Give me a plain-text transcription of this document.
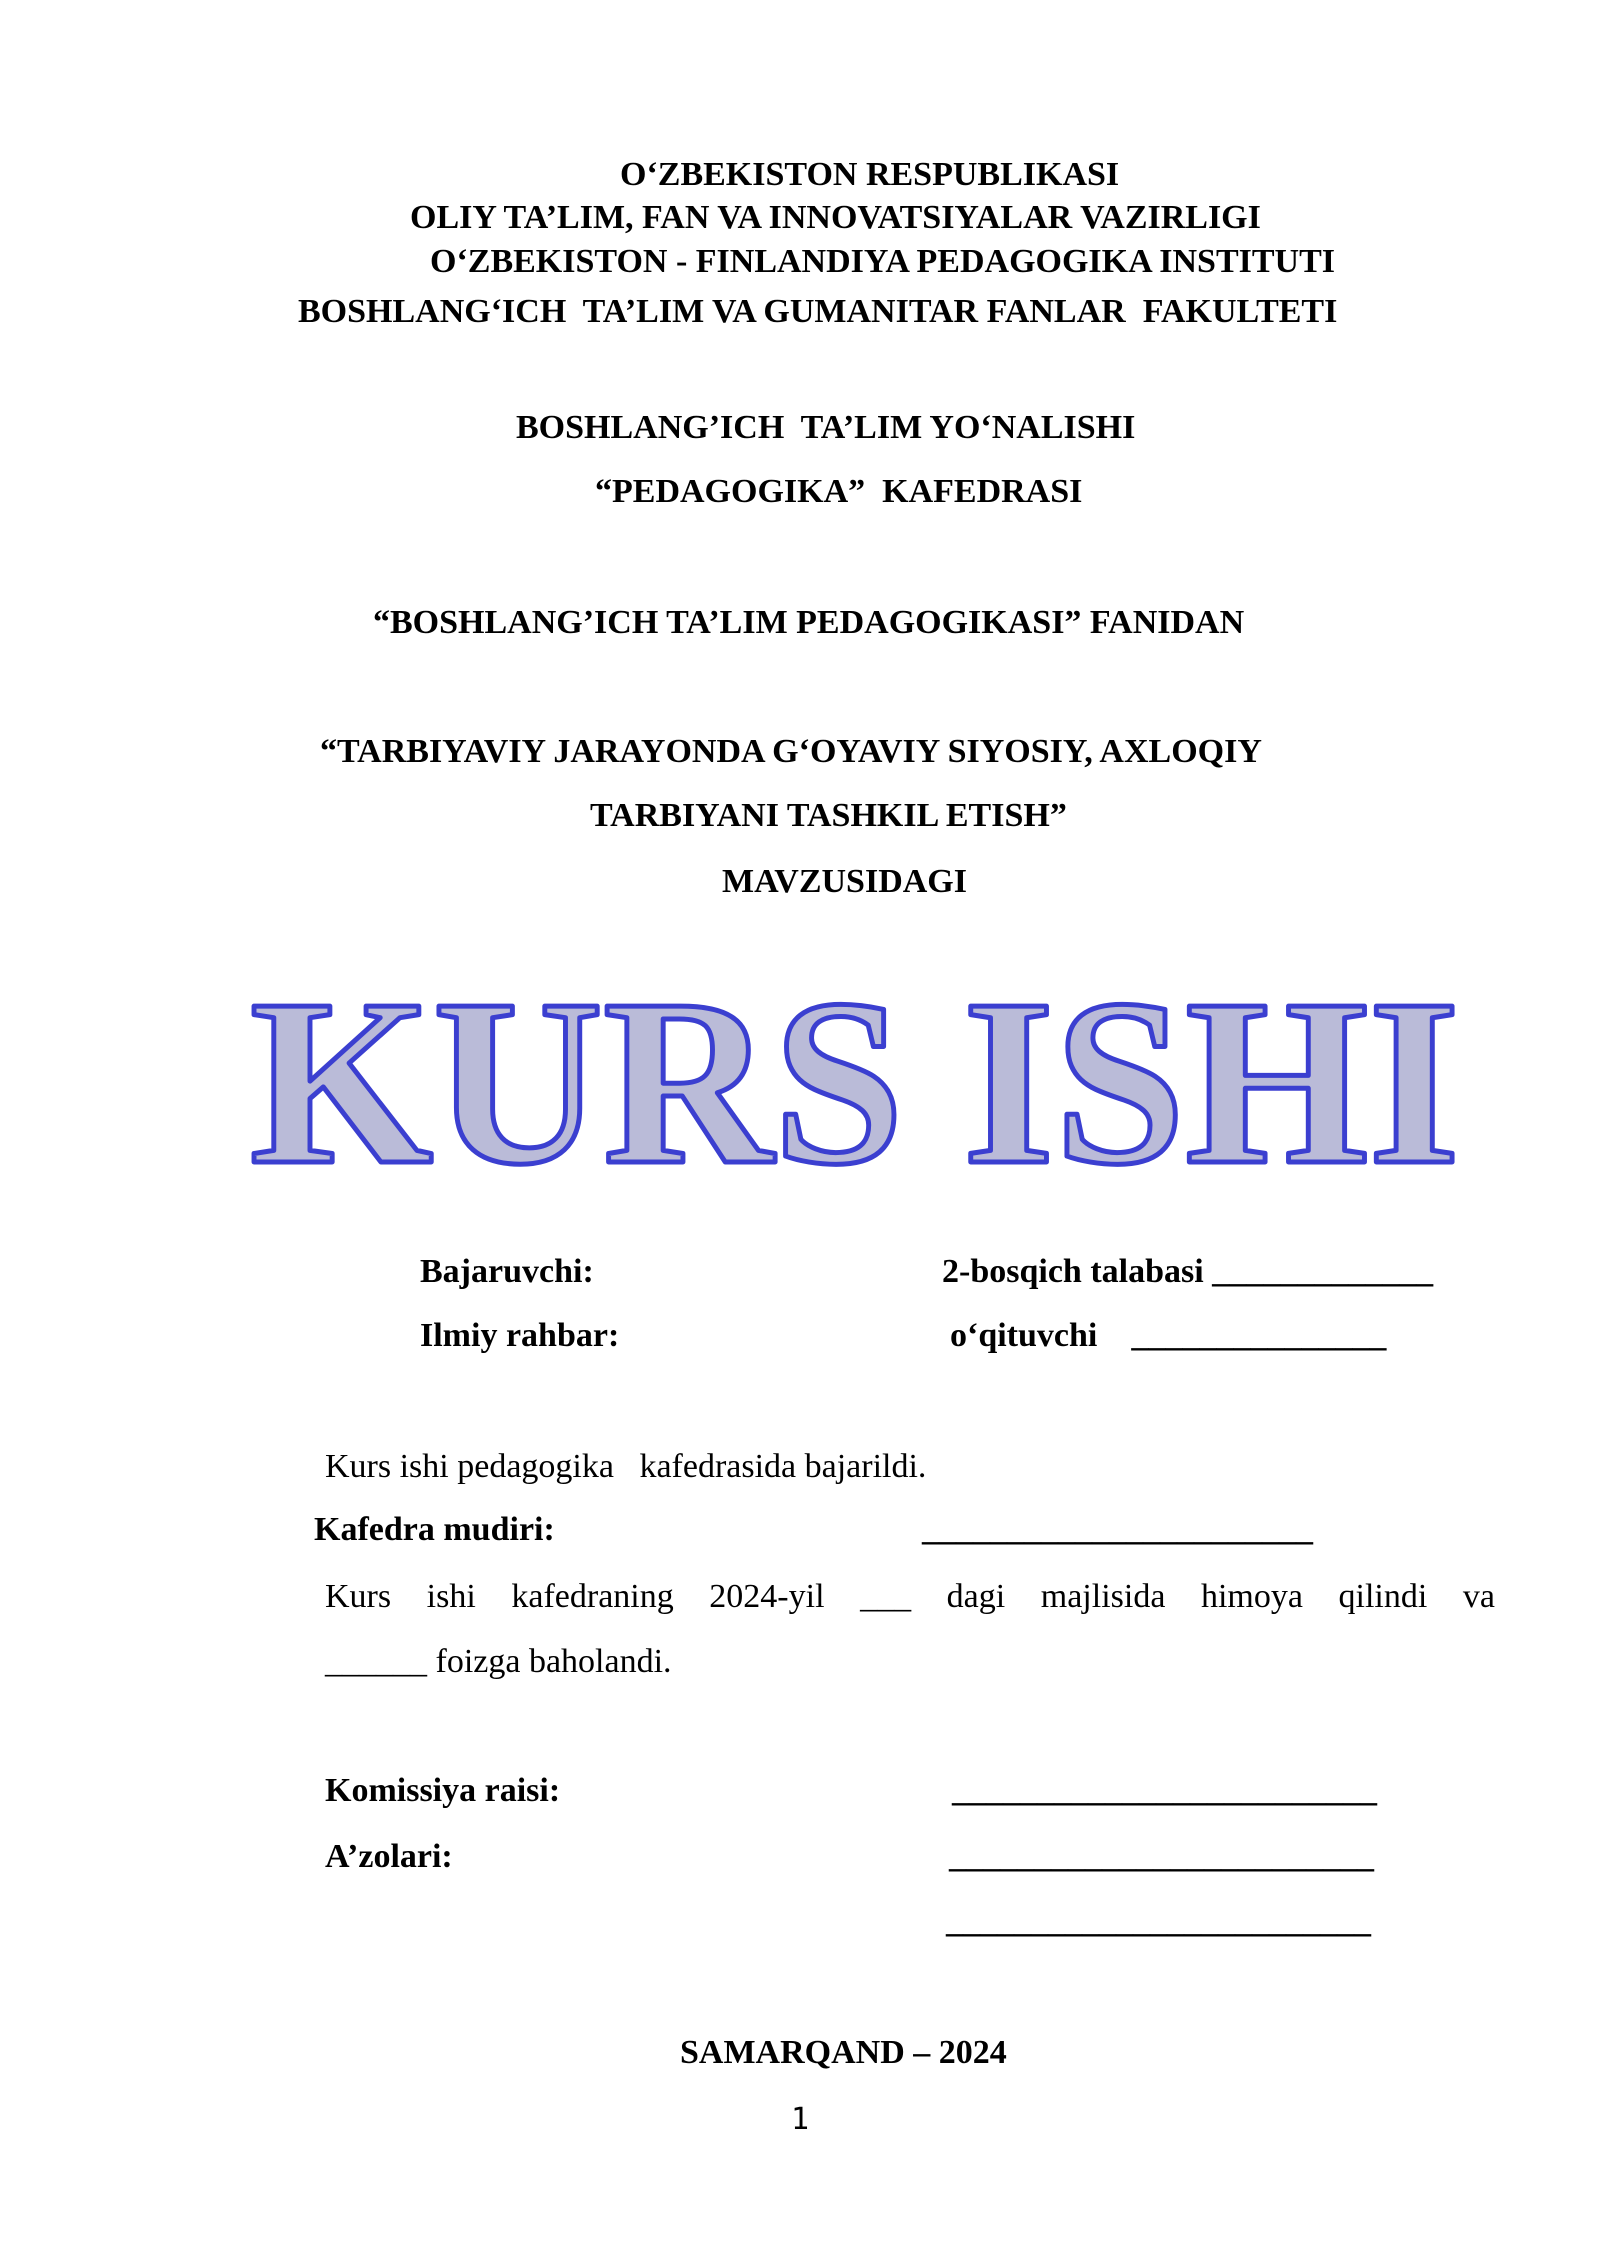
O‘ZBEKISTON RESPUBLIKASI
OLIY TA’LIM, FAN VA INNOVATSIYALAR VAZIRLIGI
O‘ZBEKISTON - FINLANDIYA PEDAGOGIKA INSTITUTI
BOSHLANG‘ICH  TA’LIM VA GUMANITAR FANLAR  FAKULTETI
BOSHLANG’ICH  TA’LIM YO‘NALISHI
“PEDAGOGIKA”  KAFEDRASI
“BOSHLANG’ICH TA’LIM PEDAGOGIKASI” FANIDAN
“TARBIYAVIY JARAYONDA G‘OYAVIY SIYOSIY, AXLOQIY
TARBIYANI TASHKIL ETISH”
MAVZUSIDAGI
KURS ISHI
Bajaruvchi:	2-bosqich talabasi _____________
Ilmiy rahbar:	o‘qituvchi    _______________
Kurs ishi pedagogika   kafedrasida bajarildi.
Kafedra mudiri:	_______________________
Kurs ishi kafedraning 2024-yil ___ dagi majlisida himoya qilindi va
______ foizga baholandi.
Komissiya raisi:	_________________________
A’zolari:	_________________________
_________________________
SAMARQAND – 2024
1
